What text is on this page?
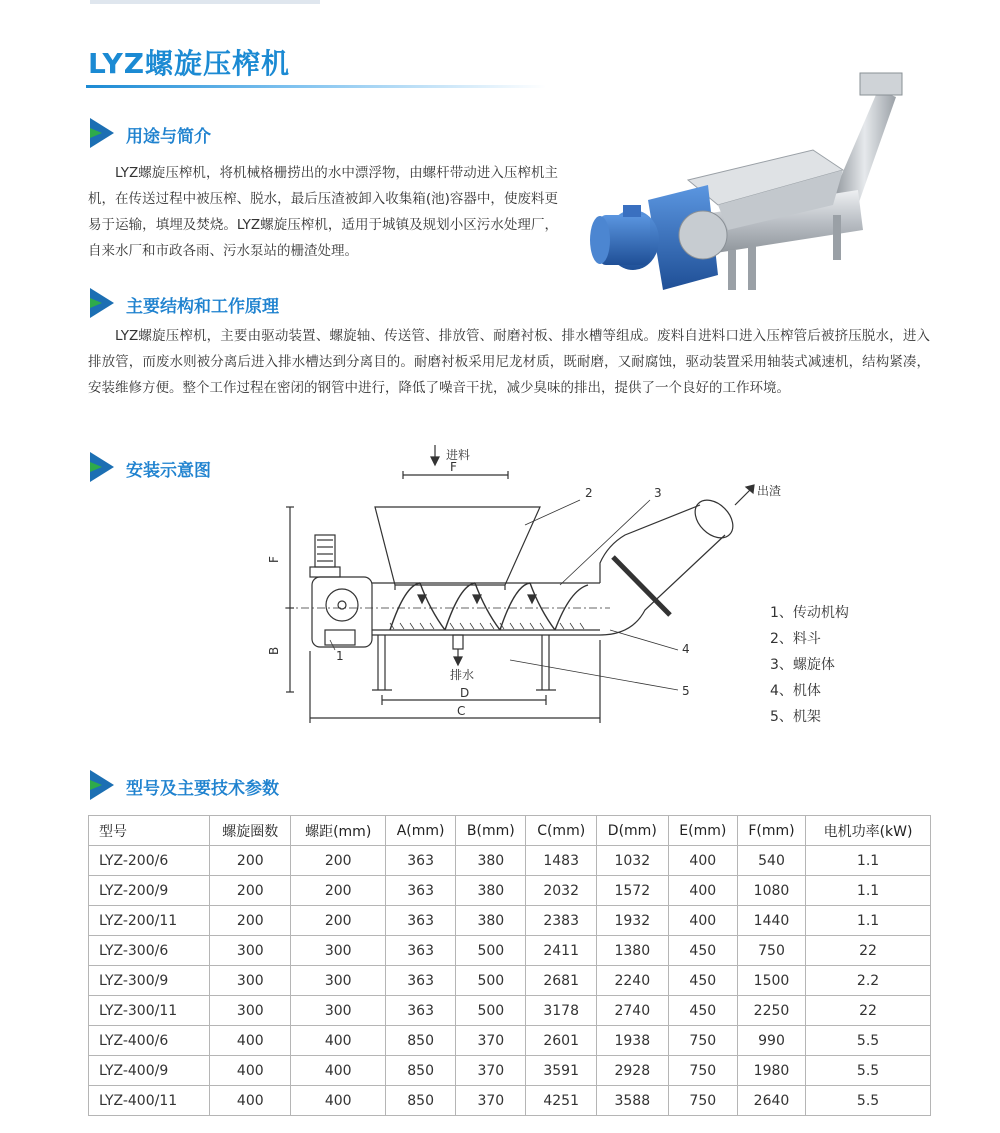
LYZ螺旋压榨机
用途与简介

LYZ螺旋压榨机，将机械格栅捞出的水中漂浮物，由螺杆带动进入压榨机主机，在传送过程中被压榨、脱水，最后压渣被卸入收集箱(池)容器中，使废料更易于运输，填埋及焚烧。LYZ螺旋压榨机，适用于城镇及规划小区污水处理厂，自来水厂和市政各雨、污水泵站的栅渣处理。

主要结构和工作原理

LYZ螺旋压榨机，主要由驱动装置、螺旋轴、传送管、排放管、耐磨衬板、排水槽等组成。废料自进料口进入压榨管后被挤压脱水，进入排放管，而废水则被分离后进入排水槽达到分离目的。耐磨衬板采用尼龙材质，既耐磨，又耐腐蚀，驱动装置采用轴装式减速机，结构紧凑，安装维修方便。整个工作过程在密闭的钢管中进行，降低了噪音干扰，减少臭味的排出，提供了一个良好的工作环境。

安装示意图
进料
F
排水
出渣
F
B
D
C
1
2	3
4
5
1、传动机构
2、料斗
3、螺旋体
4、机体
5、机架
型号及主要技术参数
型号	螺旋圈数	螺距(mm)	A(mm)	B(mm)	C(mm)	D(mm)	E(mm)	F(mm)	电机功率(kW)
LYZ-200/6	200	200	363	380	1483	1032	400	540	1.1
LYZ-200/9	200	200	363	380	2032	1572	400	1080	1.1
LYZ-200/11	200	200	363	380	2383	1932	400	1440	1.1
LYZ-300/6	300	300	363	500	2411	1380	450	750	22
LYZ-300/9	300	300	363	500	2681	2240	450	1500	2.2
LYZ-300/11	300	300	363	500	3178	2740	450	2250	22
LYZ-400/6	400	400	850	370	2601	1938	750	990	5.5
LYZ-400/9	400	400	850	370	3591	2928	750	1980	5.5
LYZ-400/11	400	400	850	370	4251	3588	750	2640	5.5
